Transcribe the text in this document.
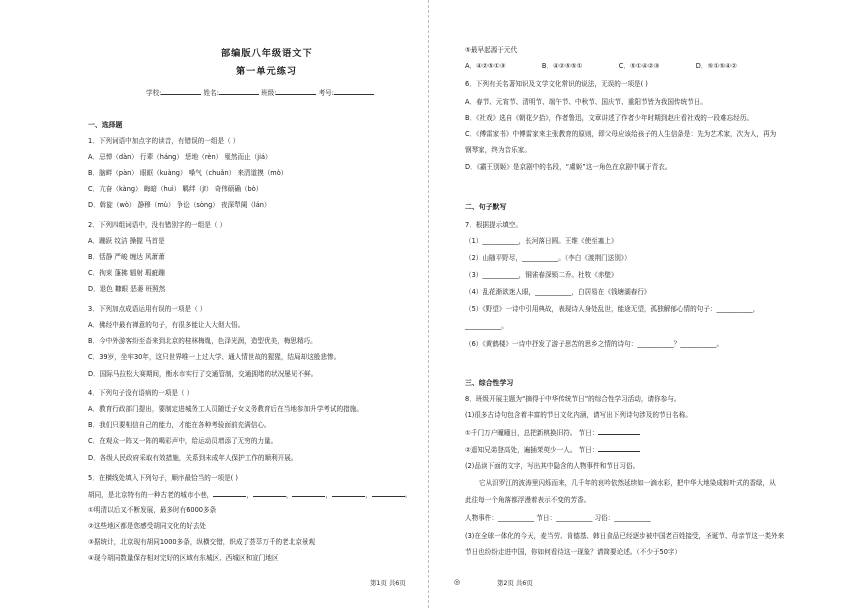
部编版八年级语文下
第一单元练习
学校:	姓名:	班级:	考号:
一、选择题
1．下列词语中加点字的读音，有错误的一组是（ ）
A．忌惮（dàn） 行辈（háng） 恁地（rèn） 戛然而止（jiá）
B．脑畔（pàn） 眼眶（kuàng） 嗓气（chuǎn） 来清道摸（mò）
C．亢奋（kàng） 晦暗（huì） 羁绊（jī） 奇伟硕确（bò）
D．斡旋（wò） 静穆（mù） 争讼（sòng） 夜深犁阑（lán）
2．下列四组词语中，没有错别字的一组是（ ）
A．蹦跃 纹洁 操握 马首是
B．恬静 严峻 缠达 风萧萧
C．拘束 蓬拂 辐射 瑕疵蹦
D．退色 糠眼 恶萎 班照然
3．下列加点成语运用有误的一项是（ ）
A．佛经中最有禅意的句子，有很多能让人大彻大悟。
B．今中外游客纷至沓来到北京的桂林梅胤，色泽光润，造型优美，梅思精巧。
C．39岁，坐牢30年，这只世界唯一上过大学、通人情世故的猩猩，结局却这般悲惨。
D．国际马拉松大赛期间，衡水市实行了交通管制，交通拥堵的状况屡见不鲜。
4．下列句子没有语病的一项是（ ）
A．教育行政部门提出，要制定进城务工人员随迁子女义务教育后在当地参加升学考试的措施。
B．我们只要相信自己的能力，才能在各种考验面前充满信心。
C．在观众一阵又一阵的喝彩声中，给运动员增添了无穷的力量。
D．各级人民政府采取有效措施，关系到未成年人保护工作的顺利开展。
5．在横线处填入下列句子，顺序最恰当的一项是( )
胡同，是北京特有的一种古老的城市小巷，	，	，	，	，	。
①明清以后又不断发展，最多时有6000多条
②这些地区都是您感受胡同文化的好去处
③据统计，北京现有胡同1000多条，纵横交错，织成了荟萃万千的老北京景观
④现今胡同数量保存相对完好的区域有东城区、西城区和宣门地区
第1页 共6页	◎
⑤最早起源于元代
A．④②⑤①③	B．④②⑤⑤①	C．⑤①④②③	D．⑤①⑤④②
6．下列有关名著知识及文学文化常识的说法，无误的一项是( )
A．春节、元宵节、清明节、端午节、中秋节、国庆节、重阳节皆为我国传统节日。
B．《社戏》选自《朝花夕拾》，作者鲁迅，文章讲述了作者少年时期到赵庄看社戏的一段难忘经历。
C．《傅雷家书》中傅雷家来主张教育的原则，即父母应该给孩子的人生信条是：先为艺术家，次为人，再为
钢琴家，终为音乐家。
D．《霸王别姬》是京剧中的名段，“虞姬”这一角色在京剧中属于青衣。
二、句子默写
7．根据提示填空。
（1）___________，长河落日圆。王维《使至塞上》
（2）山随平野尽，___________。（李白《渡荆门送别》）
（3）___________，铜雀春深锁二乔。杜牧《赤壁》
（4）乱花渐欲迷人眼，___________，白居易在《钱塘湖春行》
（5）《野望》一诗中引用典故，表现诗人身处乱世，能途无望，孤独解郁心情的句子：___________，
___________。
（6）《黄鹤楼》一诗中抒发了游子思苦的思乡之情的诗句：___________？___________。
三、综合性学习
8．班级开展主题为“摘得于中华传统节日”的综合性学习活动，请你参与。
(1)很多古诗句包含着丰富的节日文化内涵，请写出下列诗句涉及的节日名称。
①千门万户曈曈日，总把新桃换旧符。 节日：
②遥知兄弟登高处，遍插茱萸少一人。 节日：
(2)品读下面的文字，写出其中隐含的人物事件和节日习俗。
它从汨罗江的波涛里闪烁而来，几千年的哀吟依然延续如一滴水彩，把中华大地染成粽叶式的香绿，从
此往每一个角落都浮漫着表示不变的芳香。
人物事件：___________ 节日：___________ 习俗：___________
(3)在全球一体化的今天，麦当劳、肯德基、韩日食品已经逐步被中国老百姓接受，圣诞节、母亲节这一类外来
节日也纷纷走进中国，你如何看待这一现象？请简要论述。（不少于50字）
第2页 共6页
